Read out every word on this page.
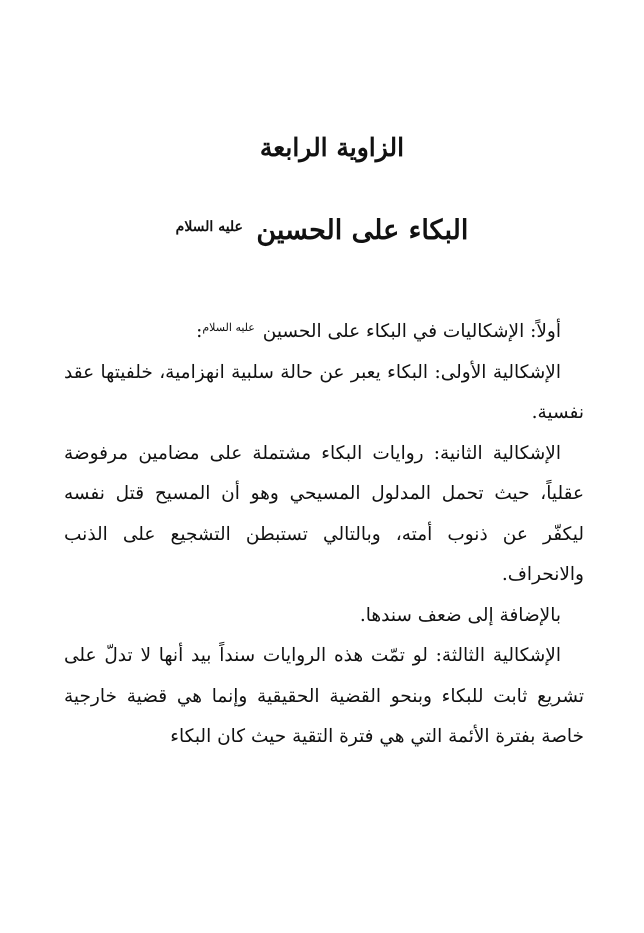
الزاوية الرابعة
البكاء على الحسين $^{عليه السلام}$

أولاً: الإشكاليات في البكاء على الحسين $^{عليه السلام}$:

الإشكالية الأولى: البكاء يعبر عن حالة سلبية انهزامية، خلفيتها عقد نفسية.

الإشكالية الثانية: روايات البكاء مشتملة على مضامين مرفوضة عقلياً، حيث تحمل المدلول المسيحي وهو أن المسيح قتل نفسه ليكفّر عن ذنوب أمته، وبالتالي تستبطن التشجيع على الذنب والانحراف.

بالإضافة إلى ضعف سندها.

الإشكالية الثالثة: لو تمّت هذه الروايات سنداً بيد أنها لا تدلّ على تشريع ثابت للبكاء وبنحو القضية الحقيقية وإنما هي قضية خارجية خاصة بفترة الأئمة التي هي فترة التقية حيث كان البكاء
